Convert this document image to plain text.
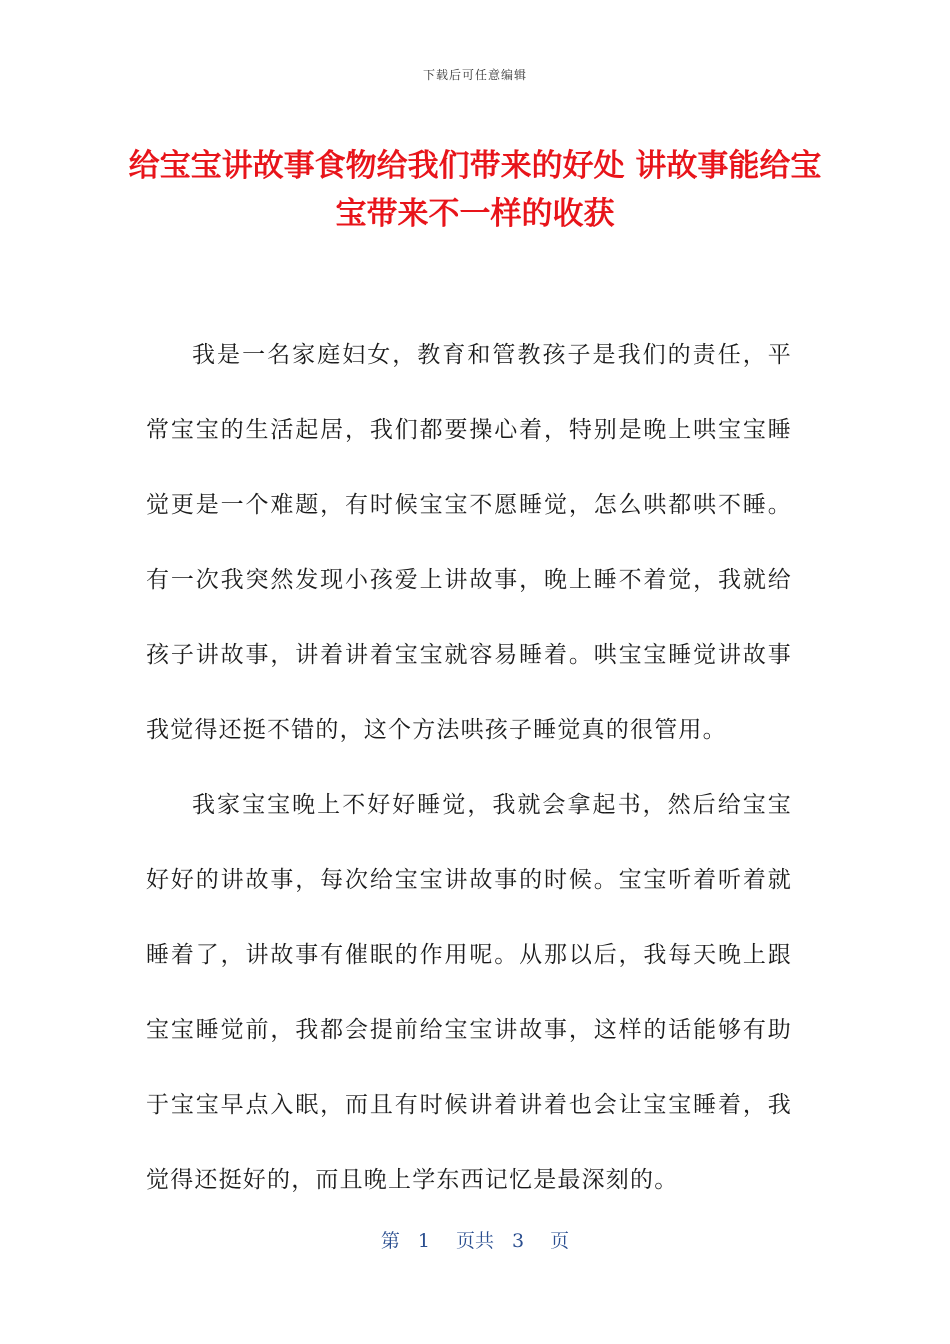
下载后可任意编辑
给宝宝讲故事食物给我们带来的好处 讲故事能给宝宝带来不一样的收获

我是一名家庭妇女，教育和管教孩子是我们的责任，平常宝宝的生活起居，我们都要操心着，特别是晚上哄宝宝睡觉更是一个难题，有时候宝宝不愿睡觉，怎么哄都哄不睡。有一次我突然发现小孩爱上讲故事，晚上睡不着觉，我就给孩子讲故事，讲着讲着宝宝就容易睡着。哄宝宝睡觉讲故事我觉得还挺不错的，这个方法哄孩子睡觉真的很管用。

我家宝宝晚上不好好睡觉，我就会拿起书，然后给宝宝好好的讲故事，每次给宝宝讲故事的时候。宝宝听着听着就睡着了，讲故事有催眠的作用呢。从那以后，我每天晚上跟宝宝睡觉前，我都会提前给宝宝讲故事，这样的话能够有助于宝宝早点入眠，而且有时候讲着讲着也会让宝宝睡着，我觉得还挺好的，而且晚上学东西记忆是最深刻的。

第 1 页共 3 页
